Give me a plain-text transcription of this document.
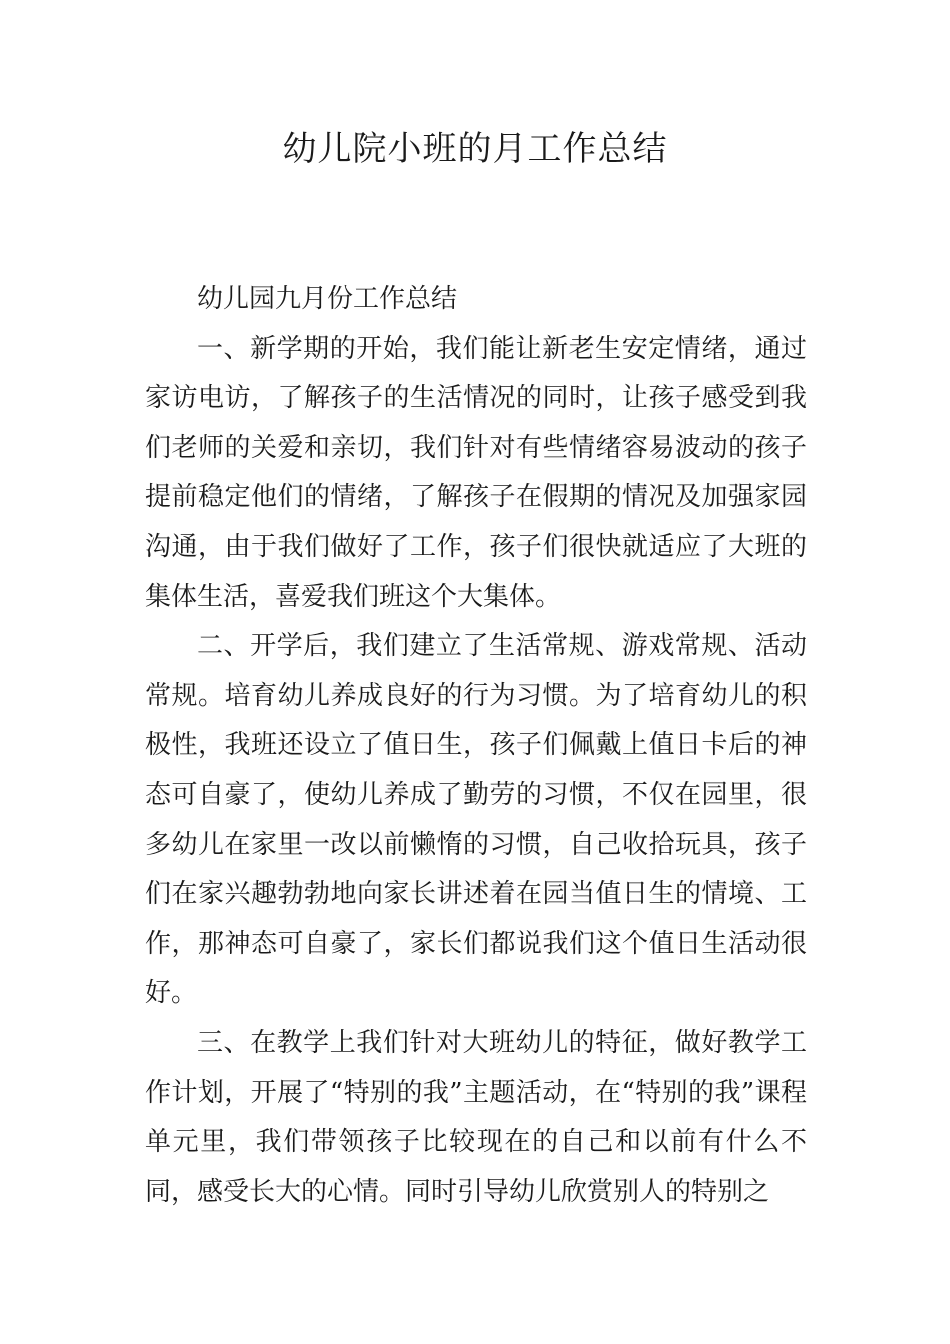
幼儿院小班的月工作总结

幼儿园九月份工作总结

一、新学期的开始，我们能让新老生安定情绪，通过家访电访，了解孩子的生活情况的同时，让孩子感受到我们老师的关爱和亲切，我们针对有些情绪容易波动的孩子提前稳定他们的情绪，了解孩子在假期的情况及加强家园沟通，由于我们做好了工作，孩子们很快就适应了大班的集体生活，喜爱我们班这个大集体。

二、开学后，我们建立了生活常规、游戏常规、活动常规。培育幼儿养成良好的行为习惯。为了培育幼儿的积极性，我班还设立了值日生，孩子们佩戴上值日卡后的神态可自豪了，使幼儿养成了勤劳的习惯，不仅在园里，很多幼儿在家里一改以前懒惰的习惯，自己收拾玩具，孩子们在家兴趣勃勃地向家长讲述着在园当值日生的情境、工作，那神态可自豪了，家长们都说我们这个值日生活动很好。

三、在教学上我们针对大班幼儿的特征，做好教学工作计划，开展了“特别的我”主题活动，在“特别的我”课程单元里，我们带领孩子比较现在的自己和以前有什么不同，感受长大的心情。同时引导幼儿欣赏别人的特别之
